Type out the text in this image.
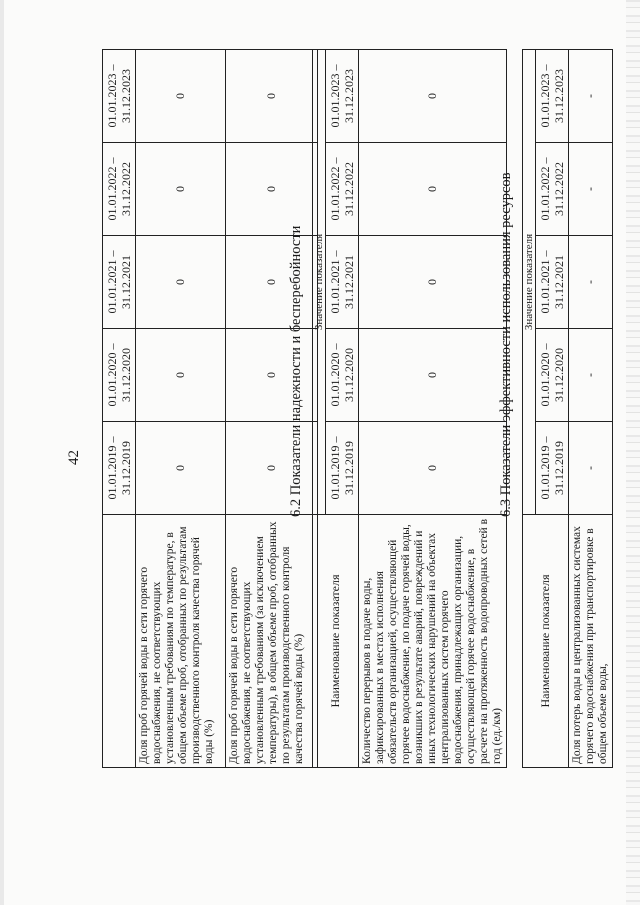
42
	01.01.2019 –
31.12.2019	01.01.2020 –
31.12.2020	01.01.2021 –
31.12.2021	01.01.2022 –
31.12.2022	01.01.2023 –
31.12.2023
Доля проб горячей воды в сети горячего водоснабжения, не соответствующих установленным требованиям по температуре, в общем объеме проб, отобранных по результатам производственного контроля качества горячей воды (%)	0	0	0	0	0
Доля проб горячей воды в сети горячего водоснабжения, не соответствующих установленным требованиям (за исключением температуры), в общем объеме проб, отобранных по результатам производственного контроля качества горячей воды (%)	0	0	0	0	0
6.2 Показатели надежности и бесперебойности
Наименование показателя	Значение показателя				
	01.01.2019 –
31.12.2019	01.01.2020 –
31.12.2020	01.01.2021 –
31.12.2021	01.01.2022 –
31.12.2022	01.01.2023 –
31.12.2023
Количество перерывов в подаче воды, зафиксированных в местах исполнения обязательств организацией, осуществляющей горячее водоснабжение, по подаче горячей воды, возникших в результате аварий, повреждений и иных технологических нарушений на объектах централизованных систем горячего водоснабжения, принадлежащих организации, осуществляющей горячее водоснабжение, в расчете на протяженность водопроводных сетей в год (ед./км)	0	0	0	0	0
6.3 Показатели эффективности использования ресурсов
Наименование показателя	Значение показателя				
	01.01.2019 –
31.12.2019	01.01.2020 –
31.12.2020	01.01.2021 –
31.12.2021	01.01.2022 –
31.12.2022	01.01.2023 –
31.12.2023
Доля потерь воды в централизованных системах горячего водоснабжения при транспортировке в общем объеме воды,	-	-	-	-	-
